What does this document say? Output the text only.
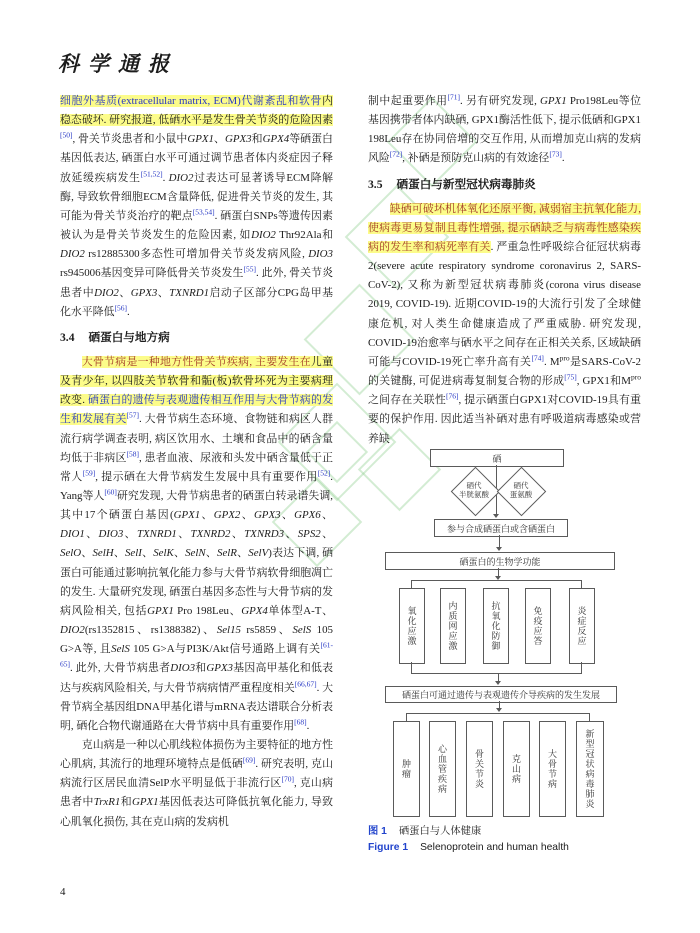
科学通报

细胞外基质(extracellular matrix, ECM)代谢紊乱和软骨内稳态破坏. 研究报道, 低硒水平是发生骨关节炎的危险因素[50], 骨关节炎患者和小鼠中GPX1、GPX3和GPX4等硒蛋白基因低表达, 硒蛋白水平可通过调节患者体内炎症因子释放延缓疾病发生[51,52]. DIO2过表达可显著诱导ECM降解酶, 导致软骨细胞ECM含量降低, 促进骨关节炎的发生, 其可能为骨关节炎治疗的靶点[53,54]. 硒蛋白SNPs等遗传因素被认为是骨关节炎发生的危险因素, 如DIO2 Thr92Ala和DIO2 rs12885300多态性可增加骨关节炎发病风险, DIO3 rs945006基因变异可降低骨关节炎发生[55]. 此外, 骨关节炎患者中DIO2、GPX3、TXNRD1启动子区部分CPG岛甲基化水平降低[56].

3.4 硒蛋白与地方病

大骨节病是一种地方性骨关节疾病, 主要发生在儿童及青少年, 以四肢关节软骨和骺(板)软骨坏死为主要病理改变. 硒蛋白的遗传与表观遗传相互作用与大骨节病的发生和发展有关[57]. 大骨节病生态环境、食物链和病区人群流行病学调查表明, 病区饮用水、土壤和食品中的硒含量均低于非病区[58], 患者血液、尿液和头发中硒含量低于正常人[59], 提示硒在大骨节病发生发展中具有重要作用[52]. Yang等人[60]研究发现, 大骨节病患者的硒蛋白转录谱失调, 其中17个硒蛋白基因(GPX1、GPX2、GPX3、GPX6、DIO1、DIO3、TXNRD1、TXNRD2、TXNRD3、SPS2、SelO、SelH、SelI、SelK、SelN、SelR、SelV)表达下调, 硒蛋白可能通过影响抗氧化能力参与大骨节病软骨细胞凋亡的发生. 大量研究发现, 硒蛋白基因多态性与大骨节病的发病风险相关, 包括GPX1 Pro 198Leu、GPX4单体型A-T、DIO2(rs1352815、rs1388382)、Sel15 rs5859、SelS 105 G>A等, 且SelS 105 G>A与PI3K/Akt信号通路上调有关[61-65]. 此外, 大骨节病患者DIO3和GPX3基因高甲基化和低表达与疾病风险相关, 与大骨节病病情严重程度相关[66,67]. 大骨节病全基因组DNA甲基化谱与mRNA表达谱联合分析表明, 硒化合物代谢通路在大骨节病中具有重要作用[68].

克山病是一种以心肌线粒体损伤为主要特征的地方性心肌病, 其流行的地理环境特点是低硒[69]. 研究表明, 克山病流行区居民血清SelP水平明显低于非流行区[70], 克山病患者中TrxR1和GPX1基因低表达可降低抗氧化能力, 导致心肌氧化损伤, 其在克山病的发病机

制中起重要作用[71]. 另有研究发现, GPX1 Pro198Leu等位基因携带者体内缺硒, GPX1酶活性低下, 提示低硒和GPX1 198Leu存在协同倍增的交互作用, 从而增加克山病的发病风险[72], 补硒是预防克山病的有效途径[73].

3.5 硒蛋白与新型冠状病毒肺炎

缺硒可破坏机体氧化还原平衡, 减弱宿主抗氧化能力, 使病毒更易复制且毒性增强, 提示硒缺乏与病毒性感染疾病的发生率和病死率有关. 严重急性呼吸综合征冠状病毒2(severe acute respiratory syndrome coronavirus 2, SARS-CoV-2), 又称为新型冠状病毒肺炎(corona virus disease 2019, COVID-19). 近期COVID-19的大流行引发了全球健康危机, 对人类生命健康造成了严重威胁. 研究发现, COVID-19治愈率与硒水平之间存在正相关关系, 区域缺硒可能与COVID-19死亡率升高有关[74]. $M^{pro}$是SARS-CoV-2的关键酶, 可促进病毒复制复合物的形成[75], GPX1和$M^{pro}$之间存在关联性[76], 提示硒蛋白GPX1对COVID-19具有重要的保护作用. 因此适当补硒对患有呼吸道病毒感染或营养缺

硒
硒代
半胱氨酸
硒代
蛋氨酸
参与合成硒蛋白或含硒蛋白
硒蛋白的生物学功能
氧化应激	内质网应激	抗氧化防御	免疫应答	炎症反应
硒蛋白可通过遗传与表观遗传介导疾病的发生发展
肿瘤	心血管疾病	骨关节炎	克山病	大骨节病	新型冠状病毒肺炎
图 1 硒蛋白与人体健康
Figure 1 Selenoprotein and human health
4
